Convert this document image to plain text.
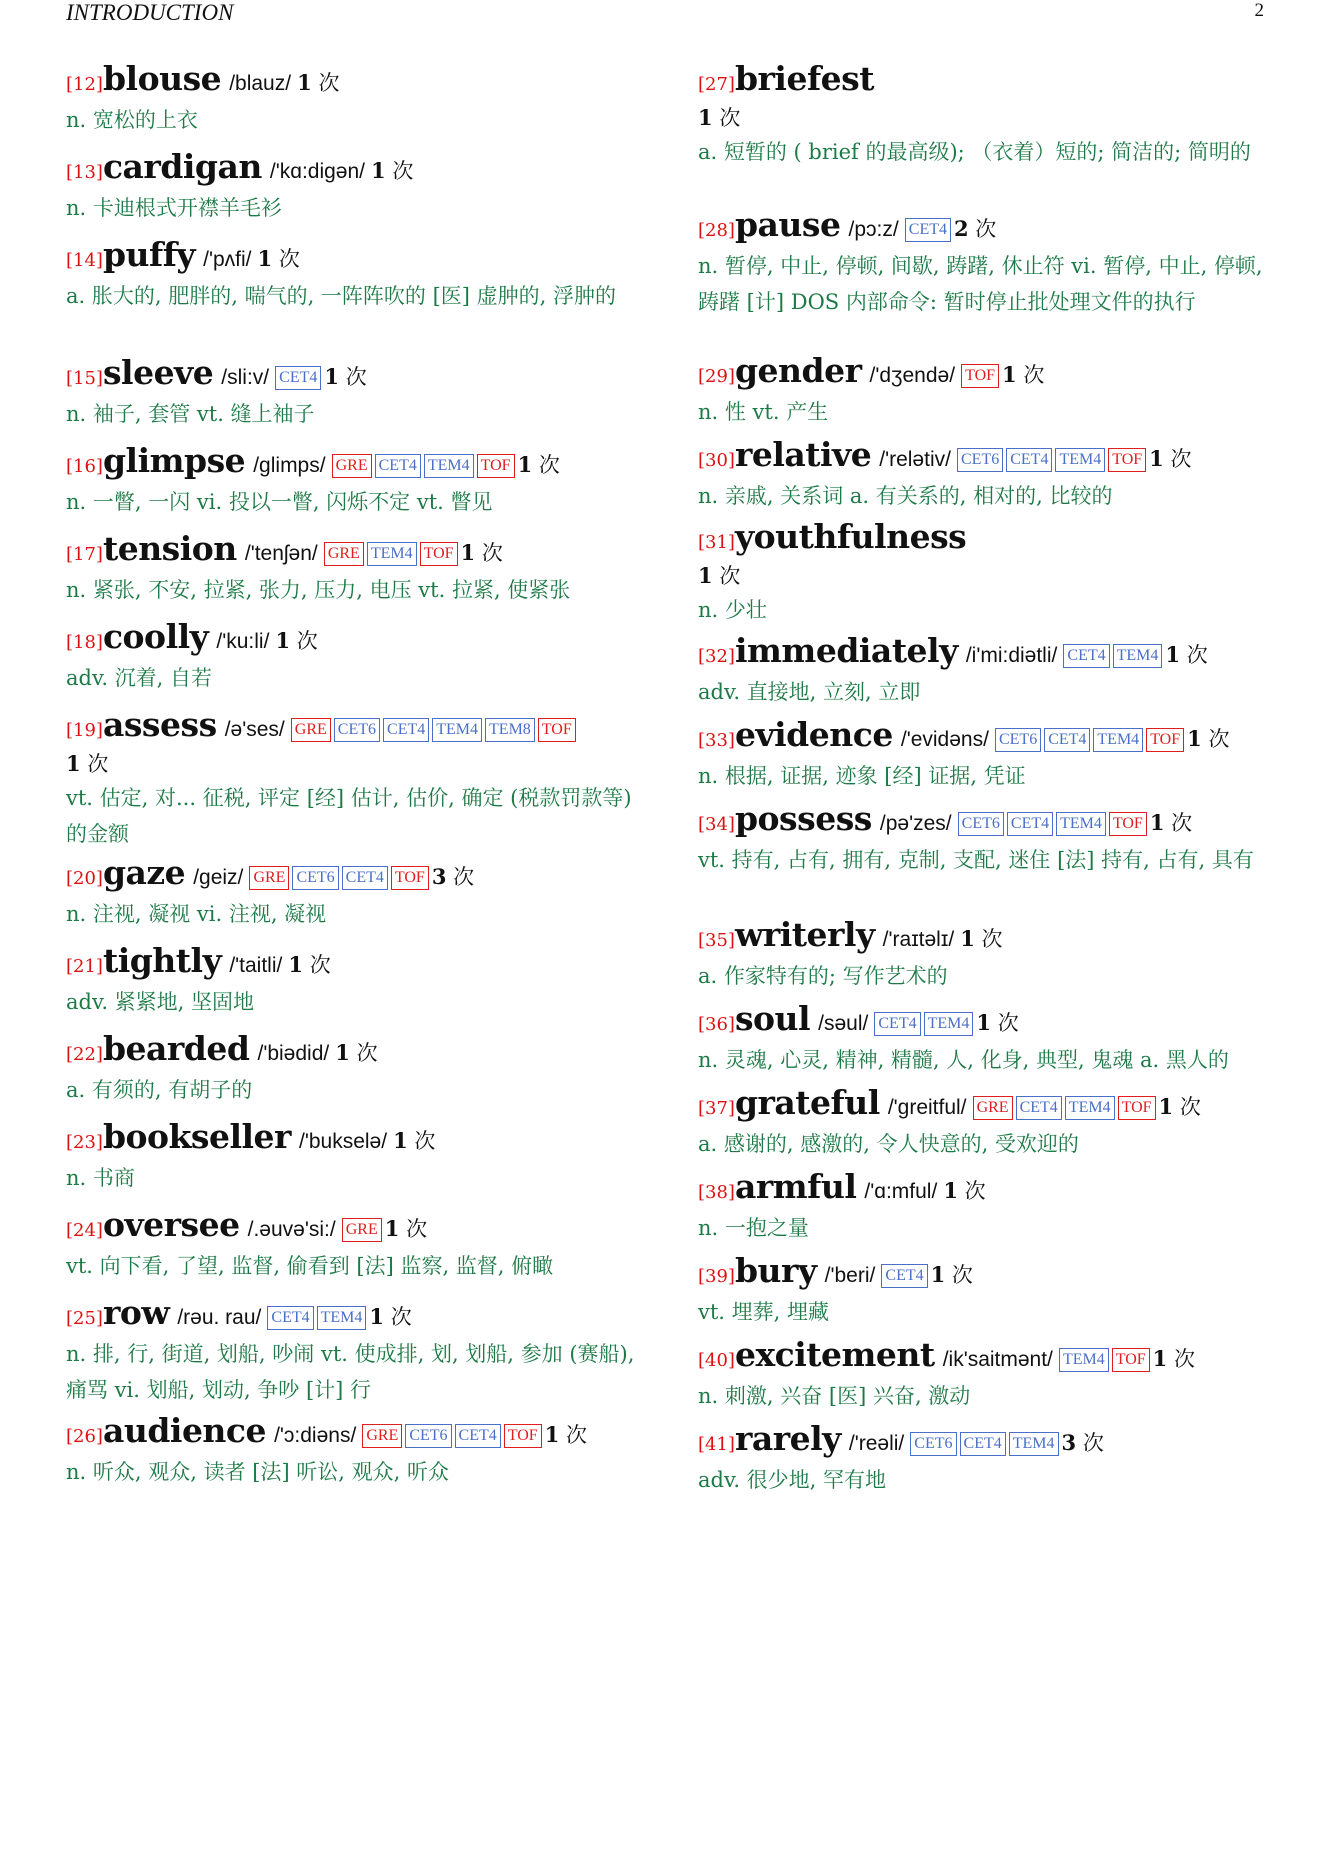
INTRODUCTION	2
[12]blouse /blauz/ 1 次
n. 宽松的上衣
[13]cardigan /'kɑ:digən/ 1 次
n. 卡迪根式开襟羊毛衫
[14]puffy /'pʌfi/ 1 次
a. 胀大的, 肥胖的, 喘气的, 一阵阵吹的 [医] 虚肿的, 浮肿的
[15]sleeve /sli:v/ CET4 1 次
n. 袖子, 套管 vt. 缝上袖子
[16]glimpse /glimps/ GRE CET4 TEM4 TOF 1 次
n. 一瞥, 一闪 vi. 投以一瞥, 闪烁不定 vt. 瞥见
[17]tension /'tenʃən/ GRE TEM4 TOF 1 次
n. 紧张, 不安, 拉紧, 张力, 压力, 电压 vt. 拉紧, 使紧张
[18]coolly /'ku:li/ 1 次
adv. 沉着, 自若
[19]assess /ə'ses/ GRE CET6 CET4 TEM4 TEM8 TOF
1 次
vt. 估定, 对... 征税, 评定 [经] 估计, 估价, 确定 (税款罚款等) 的金额
[20]gaze /geiz/ GRE CET6 CET4 TOF 3 次
n. 注视, 凝视 vi. 注视, 凝视
[21]tightly /'taitli/ 1 次
adv. 紧紧地, 坚固地
[22]bearded /'biədid/ 1 次
a. 有须的, 有胡子的
[23]bookseller /'bukselə/ 1 次
n. 书商
[24]oversee /.əuvə'si:/ GRE 1 次
vt. 向下看, 了望, 监督, 偷看到 [法] 监察, 监督, 俯瞰
[25]row /rəu. rau/ CET4 TEM4 1 次
n. 排, 行, 街道, 划船, 吵闹 vt. 使成排, 划, 划船, 参加 (赛船), 痛骂 vi. 划船, 划动, 争吵 [计] 行
[26]audience /'ɔ:diəns/ GRE CET6 CET4 TOF 1 次
n. 听众, 观众, 读者 [法] 听讼, 观众, 听众
[27]briefest
1 次
a. 短暂的 ( brief 的最高级); （衣着）短的; 简洁的; 简明的
[28]pause /pɔ:z/ CET4 2 次
n. 暂停, 中止, 停顿, 间歇, 踌躇, 休止符 vi. 暂停, 中止, 停顿, 踌躇 [计] DOS 内部命令: 暂时停止批处理文件的执行
[29]gender /'dʒendə/ TOF 1 次
n. 性 vt. 产生
[30]relative /'relətiv/ CET6 CET4 TEM4 TOF 1 次
n. 亲戚, 关系词 a. 有关系的, 相对的, 比较的
[31]youthfulness
1 次
n. 少壮
[32]immediately /i'mi:diətli/ CET4 TEM4 1 次
adv. 直接地, 立刻, 立即
[33]evidence /'evidəns/ CET6 CET4 TEM4 TOF 1 次
n. 根据, 证据, 迹象 [经] 证据, 凭证
[34]possess /pə'zes/ CET6 CET4 TEM4 TOF 1 次
vt. 持有, 占有, 拥有, 克制, 支配, 迷住 [法] 持有, 占有, 具有
[35]writerly /'raɪtəlɪ/ 1 次
a. 作家特有的; 写作艺术的
[36]soul /səul/ CET4 TEM4 1 次
n. 灵魂, 心灵, 精神, 精髓, 人, 化身, 典型, 鬼魂 a. 黑人的
[37]grateful /'greitful/ GRE CET4 TEM4 TOF 1 次
a. 感谢的, 感激的, 令人快意的, 受欢迎的
[38]armful /'ɑ:mful/ 1 次
n. 一抱之量
[39]bury /'beri/ CET4 1 次
vt. 埋葬, 埋藏
[40]excitement /ik'saitmənt/ TEM4 TOF 1 次
n. 刺激, 兴奋 [医] 兴奋, 激动
[41]rarely /'reəli/ CET6 CET4 TEM4 3 次
adv. 很少地, 罕有地
